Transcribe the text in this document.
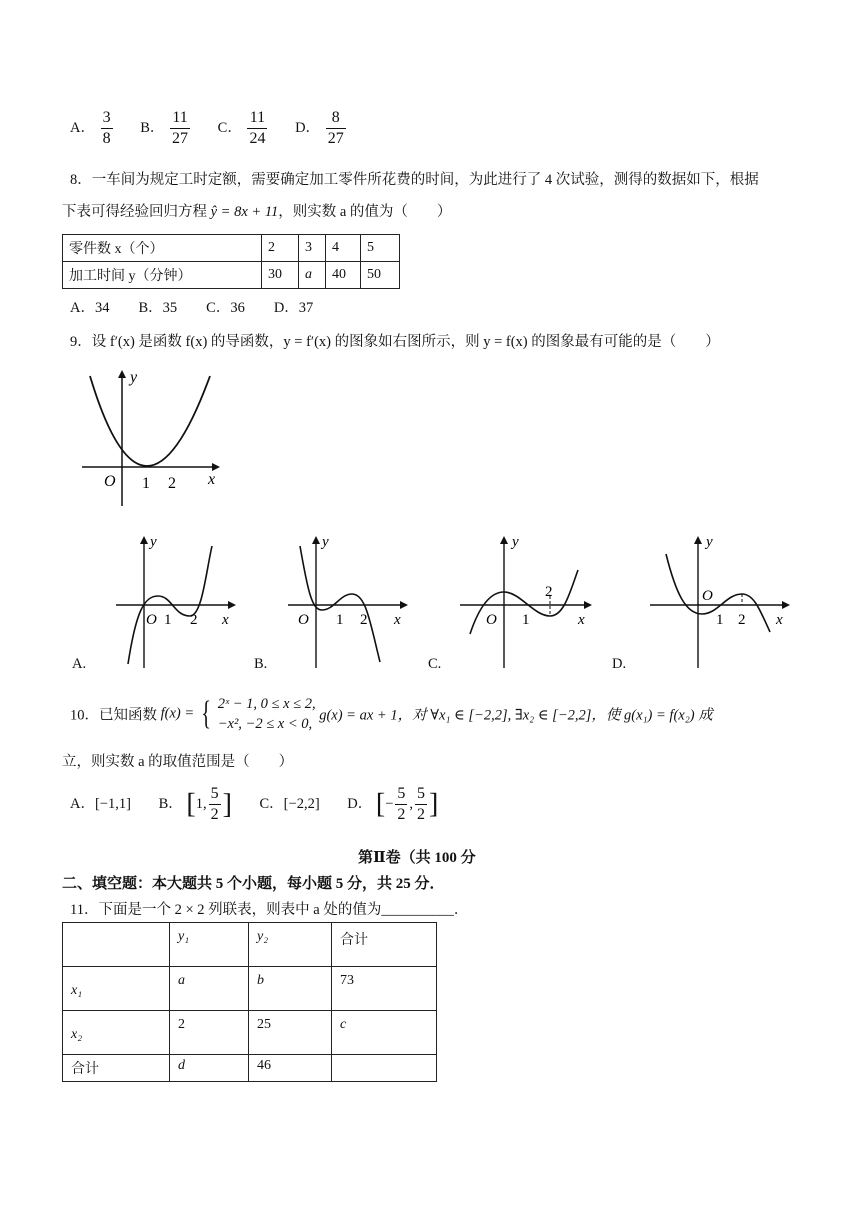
A． $\frac{3}{8}$ B． $\frac{11}{27}$ C． $\frac{11}{24}$ D． $\frac{8}{27}$
8．一车间为规定工时定额，需要确定加工零件所花费的时间，为此进行了 4 次试验，测得的数据如下，根据
下表可得经验回归方程 ŷ = 8x + 11，则实数 a 的值为（　　）
零件数 x（个）	2	3	4	5
加工时间 y（分钟）	30	a	40	50
A．34　　B．35　　C．36　　D．37
9．设 f′(x) 是函数 f(x) 的导函数，y = f′(x) 的图象如右图所示，则 y = f(x) 的图象最有可能的是（　　）
y
x
O 1 2
y
x
O 1 2
y
x
O 1 2
y
x
O 1
2
y
x
O
1 2
A.	B.	C.	D.
10．已知函数 f(x) = { 2ˣ − 1, 0 ≤ x ≤ 2,
−x², −2 ≤ x < 0,
g(x) = ax + 1，对 ∀x₁ ∈ [−2,2], ∃x₂ ∈ [−2,2]，使 g(x₁) = f(x₂) 成
立，则实数 a 的取值范围是（　　）
A．[−1,1] B． [1, $\frac{5}{2}$ ] C．[−2,2] D． [− $\frac{5}{2}$ , $\frac{5}{2}$ ]
第Ⅱ卷（共 100 分
二、填空题：本大题共 5 个小题，每小题 5 分，共 25 分．
11．下面是一个 2 × 2 列联表，则表中 a 处的值为__________．
	y₁	y₂	合计
x₁	a	b	73
x₂	2	25	c
合计	d	46	
